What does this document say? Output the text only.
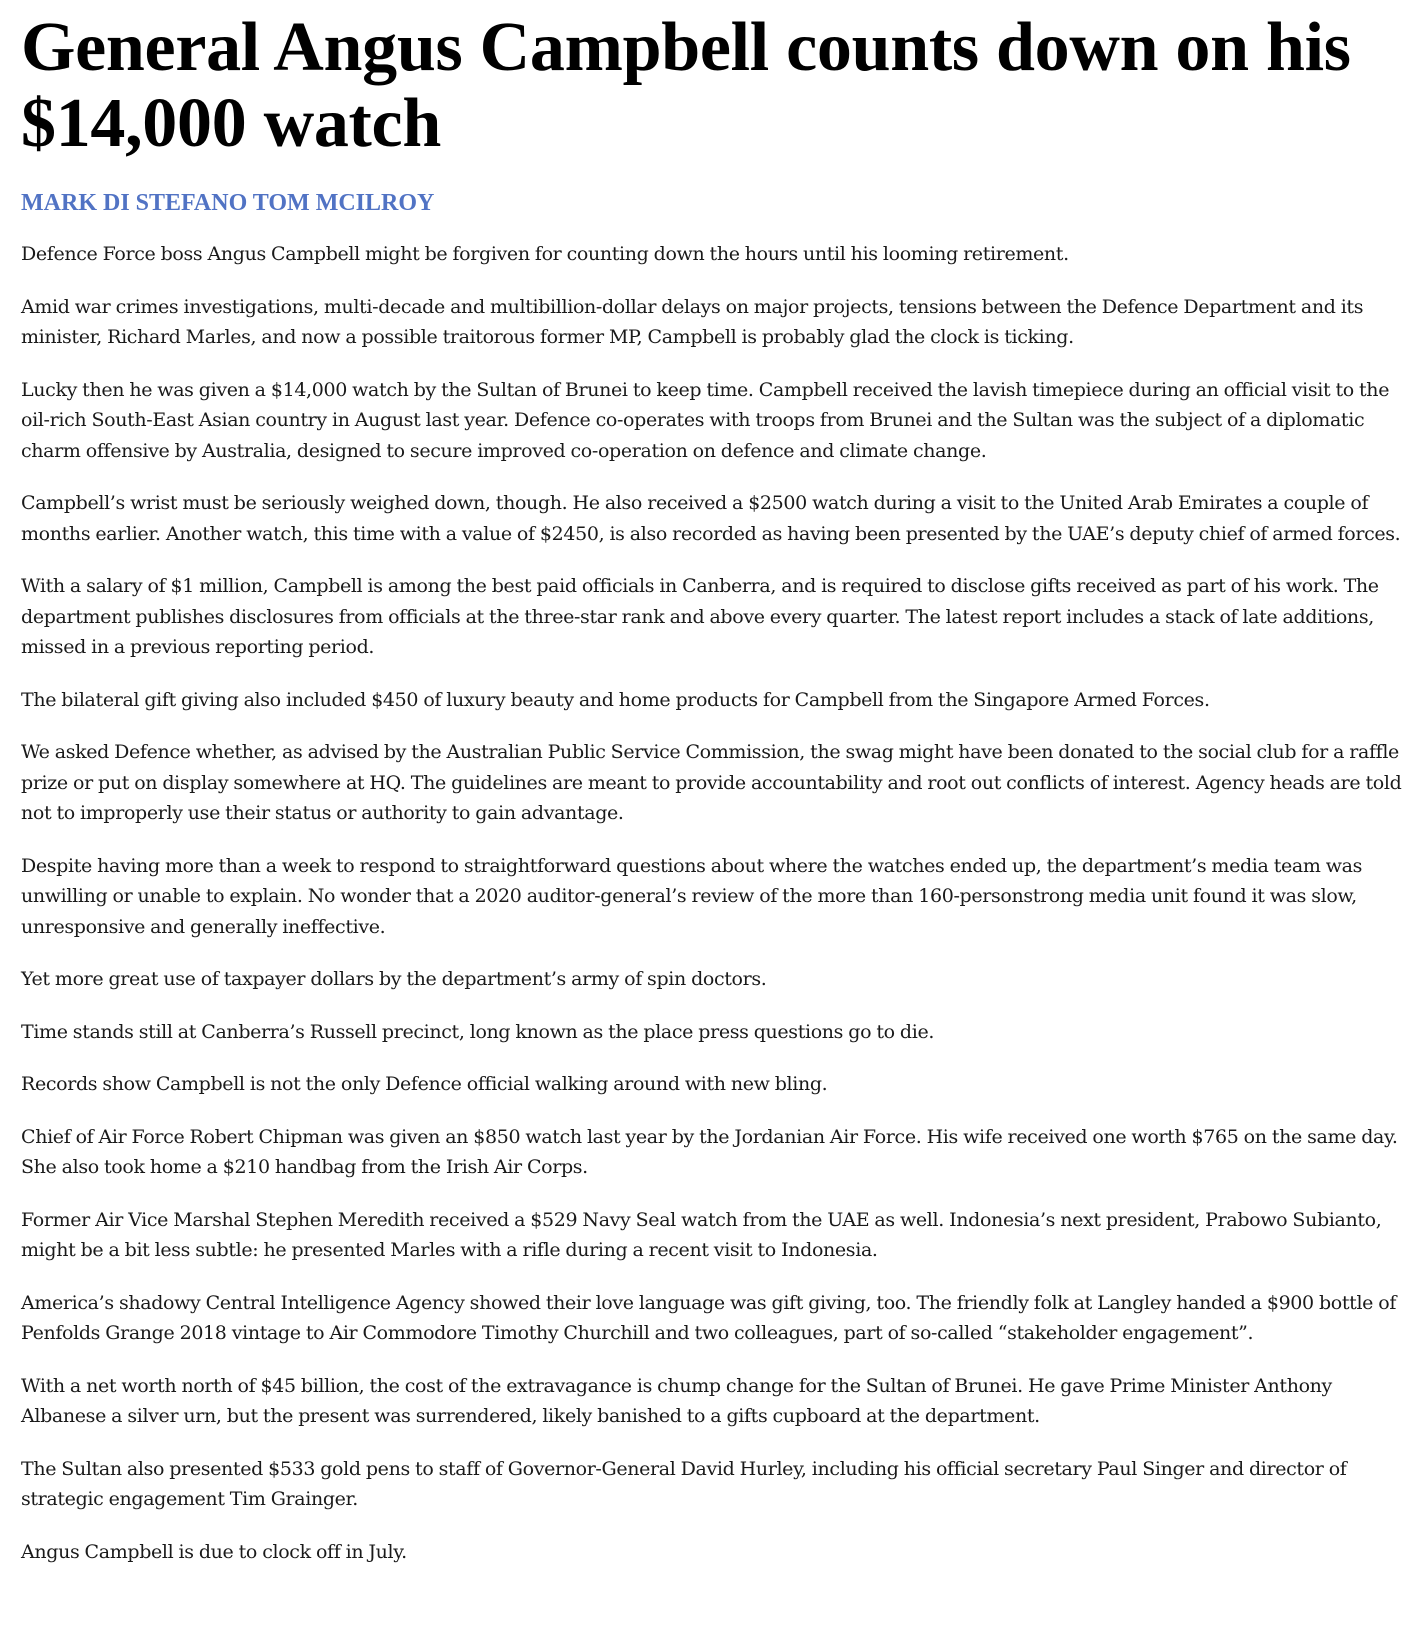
General Angus Campbell counts down on his $14,000 watch
MARK DI STEFANO TOM MCILROY

Defence Force boss Angus Campbell might be forgiven for counting down the hours until his looming retirement.

Amid war crimes investigations, multi-decade and multibillion-dollar delays on major projects, tensions between the Defence Department and its minister, Richard Marles, and now a possible traitorous former MP, Campbell is probably glad the clock is ticking.

Lucky then he was given a $14,000 watch by the Sultan of Brunei to keep time. Campbell received the lavish timepiece during an official visit to the oil-rich South-East Asian country in August last year. Defence co-operates with troops from Brunei and the Sultan was the subject of a diplomatic charm offensive by Australia, designed to secure improved co-operation on defence and climate change.

Campbell’s wrist must be seriously weighed down, though. He also received a $2500 watch during a visit to the United Arab Emirates a couple of months earlier. Another watch, this time with a value of $2450, is also recorded as having been presented by the UAE’s deputy chief of armed forces.

With a salary of $1 million, Campbell is among the best paid officials in Canberra, and is required to disclose gifts received as part of his work. The department publishes disclosures from officials at the three-star rank and above every quarter. The latest report includes a stack of late additions, missed in a previous reporting period.

The bilateral gift giving also included $450 of luxury beauty and home products for Campbell from the Singapore Armed Forces.

We asked Defence whether, as advised by the Australian Public Service Commission, the swag might have been donated to the social club for a raffle prize or put on display somewhere at HQ. The guidelines are meant to provide accountability and root out conflicts of interest. Agency heads are told not to improperly use their status or authority to gain advantage.

Despite having more than a week to respond to straightforward questions about where the watches ended up, the department’s media team was unwilling or unable to explain. No wonder that a 2020 auditor-general’s review of the more than 160-personstrong media unit found it was slow, unresponsive and generally ineffective.

Yet more great use of taxpayer dollars by the department’s army of spin doctors.

Time stands still at Canberra’s Russell precinct, long known as the place press questions go to die.

Records show Campbell is not the only Defence official walking around with new bling.

Chief of Air Force Robert Chipman was given an $850 watch last year by the Jordanian Air Force. His wife received one worth $765 on the same day. She also took home a $210 handbag from the Irish Air Corps.

Former Air Vice Marshal Stephen Meredith received a $529 Navy Seal watch from the UAE as well. Indonesia’s next president, Prabowo Subianto, might be a bit less subtle: he presented Marles with a rifle during a recent visit to Indonesia.

America’s shadowy Central Intelligence Agency showed their love language was gift giving, too. The friendly folk at Langley handed a $900 bottle of Penfolds Grange 2018 vintage to Air Commodore Timothy Churchill and two colleagues, part of so-called “stakeholder engagement”.

With a net worth north of $45 billion, the cost of the extravagance is chump change for the Sultan of Brunei. He gave Prime Minister Anthony Albanese a silver urn, but the present was surrendered, likely banished to a gifts cupboard at the department.

The Sultan also presented $533 gold pens to staff of Governor-General David Hurley, including his official secretary Paul Singer and director of strategic engagement Tim Grainger.

Angus Campbell is due to clock off in July.
